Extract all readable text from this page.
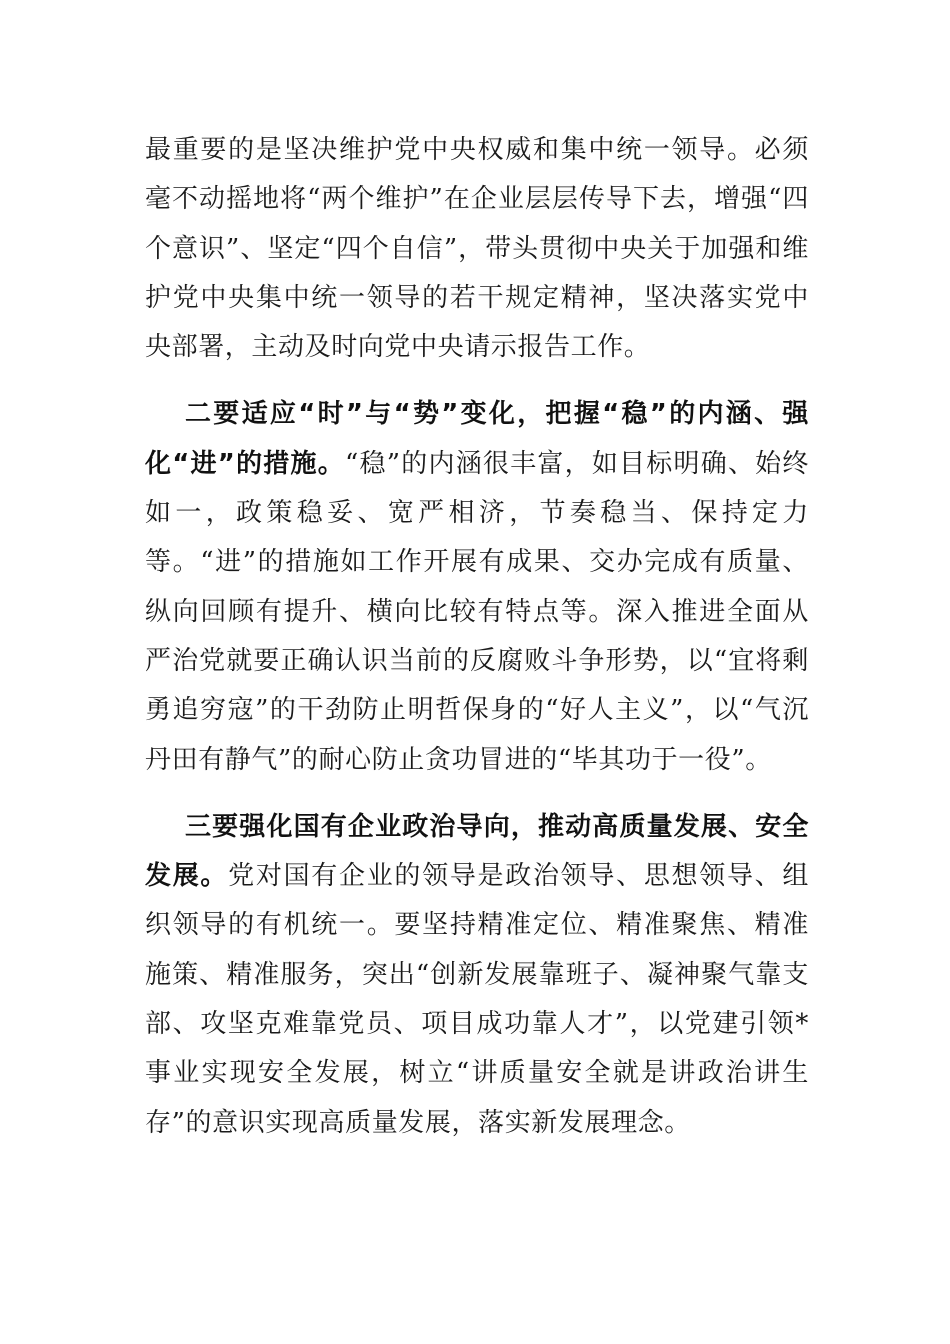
最重要的是坚决维护党中央权威和集中统一领导。必须毫不动摇地将“两个维护”在企业层层传导下去，增强“四个意识”、坚定“四个自信”，带头贯彻中央关于加强和维护党中央集中统一领导的若干规定精神，坚决落实党中央部署，主动及时向党中央请示报告工作。

二要适应“时”与“势”变化，把握“稳”的内涵、强化“进”的措施。“稳”的内涵很丰富，如目标明确、始终如一，政策稳妥、宽严相济，节奏稳当、保持定力等。“进”的措施如工作开展有成果、交办完成有质量、纵向回顾有提升、横向比较有特点等。深入推进全面从严治党就要正确认识当前的反腐败斗争形势，以“宜将剩勇追穷寇”的干劲防止明哲保身的“好人主义”，以“气沉丹田有静气”的耐心防止贪功冒进的“毕其功于一役”。

三要强化国有企业政治导向，推动高质量发展、安全发展。党对国有企业的领导是政治领导、思想领导、组织领导的有机统一。要坚持精准定位、精准聚焦、精准施策、精准服务，突出“创新发展靠班子、凝神聚气靠支部、攻坚克难靠党员、项目成功靠人才”，以党建引领*事业实现安全发展，树立“讲质量安全就是讲政治讲生存”的意识实现高质量发展，落实新发展理念。
